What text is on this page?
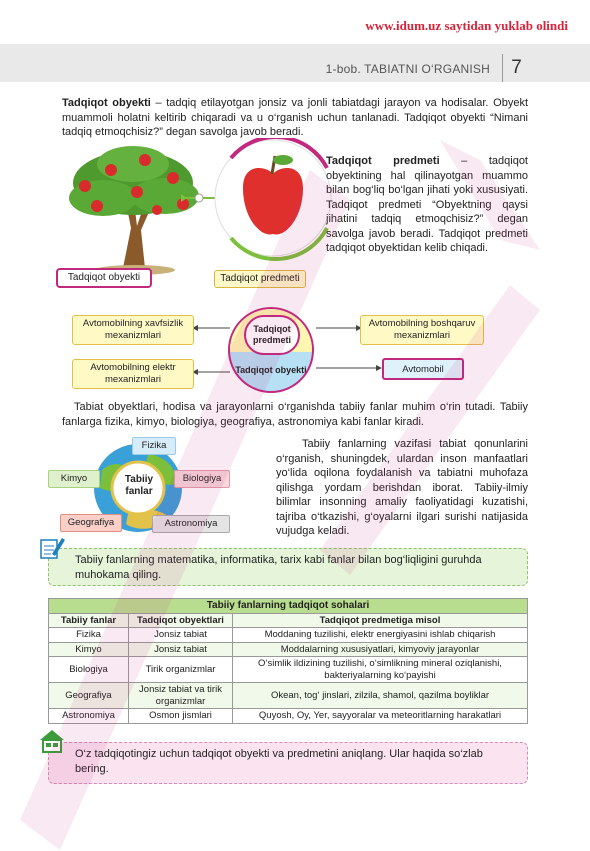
www.idum.uz saytidan yuklab olindi
1-bob. TABIATNI O‘RGANISH	7
Tadqiqot obyekti – tadqiq etilayotgan jonsiz va jonli tabiatdagi jarayon va hodisalar. Obyekt muammoli holatni keltirib chiqaradi va u o‘rganish uchun tanlanadi. Tadqiqot obyekti “Nimani tadqiq etmoqchisiz?” degan savolga javob beradi.
Tadqiqot obyekti	Tadqiqot predmeti
Tadqiqot predmeti – tadqiqot obyektining hal qilinayotgan muammo bilan bog‘liq bo‘lgan jihati yoki xususiyati. Tadqiqot predmeti “Obyektning qaysi jihatini tadqiq etmoqchisiz?” degan savolga javob beradi. Tadqiqot predmeti tadqiqot obyektidan kelib chiqadi.
Avtomobilning xavfsizlik mexanizmlari
Avtomobilning elektr mexanizmlari
Avtomobilning boshqaruv mexanizmlari
Avtomobil
Tadqiqot predmeti
Tadqiqot obyekti
Tabiat obyektlari, hodisa va jarayonlarni o‘rganishda tabiiy fanlar muhim o‘rin tutadi. Tabiiy fanlarga fizika, kimyo, biologiya, geografiya, astronomiya kabi fanlar kiradi.
Tabiiy fanlar
Fizika
Kimyo	Biologiya
Geografiya	Astronomiya
Tabiiy fanlarning vazifasi tabiat qonunlarini o‘rganish, shuningdek, ulardan inson manfaatlari yo‘lida oqilona foydalanish va tabiatni muhofaza qilishga yordam berishdan iborat. Tabiiy-ilmiy bilimlar insonning amaliy faoliyatidagi kuzatishi, tajriba o‘tkazishi, g‘oyalarni ilgari surishi natijasida vujudga keladi.
Tabiiy fanlarning matematika, informatika, tarix kabi fanlar bilan bog‘liqligini guruhda muhokama qiling.
Tabiiy fanlarning tadqiqot sohalari		
Tabiiy fanlar	Tadqiqot obyektlari	Tadqiqot predmetiga misol
Fizika	Jonsiz tabiat	Moddaning tuzilishi, elektr energiyasini ishlab chiqarish
Kimyo	Jonsiz tabiat	Moddalarning xususiyatlari, kimyoviy jarayonlar
Biologiya	Tirik organizmlar	O‘simlik ildizining tuzilishi, o‘simlikning mineral oziqlanishi, bakteriyalarning ko‘payishi
Geografiya	Jonsiz tabiat va tirik organizmlar	Okean, tog‘ jinslari, zilzila, shamol, qazilma boyliklar
Astronomiya	Osmon jismlari	Quyosh, Oy, Yer, sayyoralar va meteoritlarning harakatlari
O‘z tadqiqotingiz uchun tadqiqot obyekti va predmetini aniqlang. Ular haqida so‘zlab bering.
